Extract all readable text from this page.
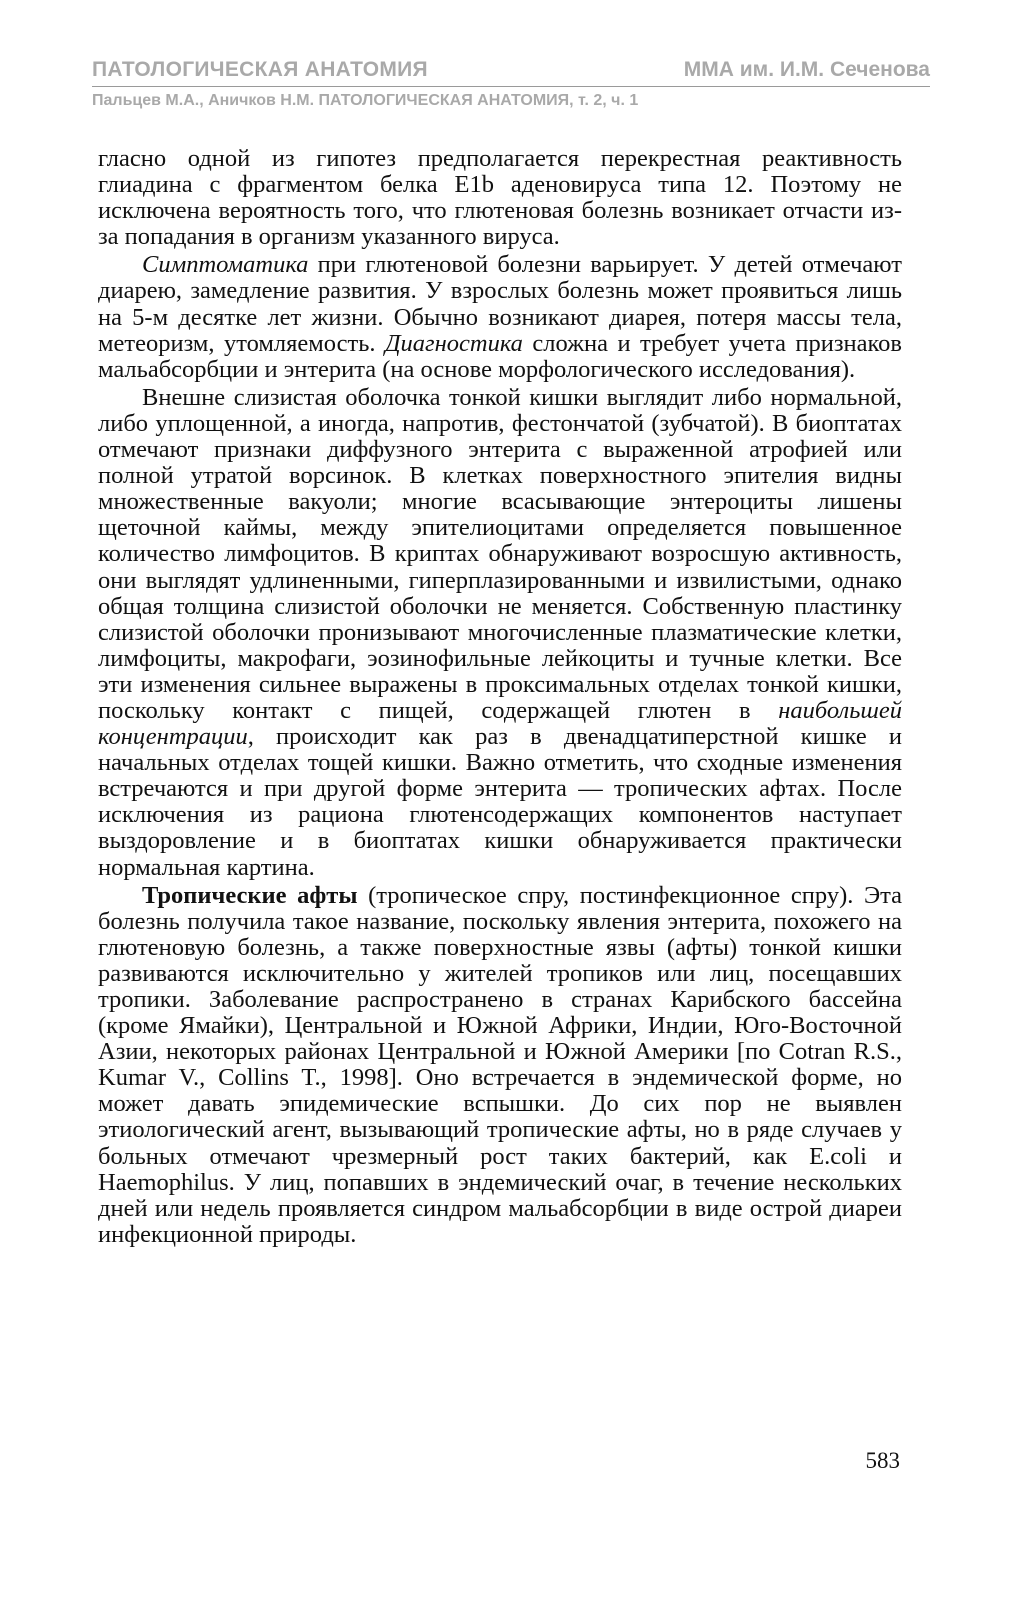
ПАТОЛОГИЧЕСКАЯ АНАТОМИЯ	ММА им. И.М. Сеченова
Пальцев М.А., Аничков Н.М. ПАТОЛОГИЧЕСКАЯ АНАТОМИЯ, т. 2, ч. 1

гласно одной из гипотез предполагается перекрестная реактивность глиадина с фрагментом белка E1b аденовируса типа 12. Поэтому не исключена вероятность того, что глютеновая болезнь возникает отчасти из-за попадания в организм указанного вируса.

Симптоматика при глютеновой болезни варьирует. У детей отмечают диарею, замедление развития. У взрослых болезнь может проявиться лишь на 5-м десятке лет жизни. Обычно возникают диарея, потеря массы тела, метеоризм, утомляемость. Диагностика сложна и требует учета признаков мальабсорбции и энтерита (на основе морфологического исследования).

Внешне слизистая оболочка тонкой кишки выглядит либо нормальной, либо уплощенной, а иногда, напротив, фестончатой (зубчатой). В биоптатах отмечают признаки диффузного энтерита с выраженной атрофией или полной утратой ворсинок. В клетках поверхностного эпителия видны множественные вакуоли; многие всасывающие энтероциты лишены щеточной каймы, между эпителиоцитами определяется повышенное количество лимфоцитов. В криптах обнаруживают возросшую активность, они выглядят удлиненными, гиперплазированными и извилистыми, однако общая толщина слизистой оболочки не меняется. Собственную пластинку слизистой оболочки пронизывают многочисленные плазматические клетки, лимфоциты, макрофаги, эозинофильные лейкоциты и тучные клетки. Все эти изменения сильнее выражены в проксимальных отделах тонкой кишки, поскольку контакт с пищей, содержащей глютен в наибольшей концентрации, происходит как раз в двенадцатиперстной кишке и начальных отделах тощей кишки. Важно отметить, что сходные изменения встречаются и при другой форме энтерита — тропических афтах. После исключения из рациона глютенсодержащих компонентов наступает выздоровление и в биоптатах кишки обнаруживается практически нормальная картина.

Тропические афты (тропическое спру, постинфекционное спру). Эта болезнь получила такое название, поскольку явления энтерита, похожего на глютеновую болезнь, а также поверхностные язвы (афты) тонкой кишки развиваются исключительно у жителей тропиков или лиц, посещавших тропики. Заболевание распространено в странах Карибского бассейна (кроме Ямайки), Центральной и Южной Африки, Индии, Юго-Восточной Азии, некоторых районах Центральной и Южной Америки [по Cotran R.S., Kumar V., Collins T., 1998]. Оно встречается в эндемической форме, но может давать эпидемические вспышки. До сих пор не выявлен этиологический агент, вызывающий тропические афты, но в ряде случаев у больных отмечают чрезмерный рост таких бактерий, как E.coli и Haemophilus. У лиц, попавших в эндемический очаг, в течение нескольких дней или недель проявляется синдром мальабсорбции в виде острой диареи инфекционной природы.

583
